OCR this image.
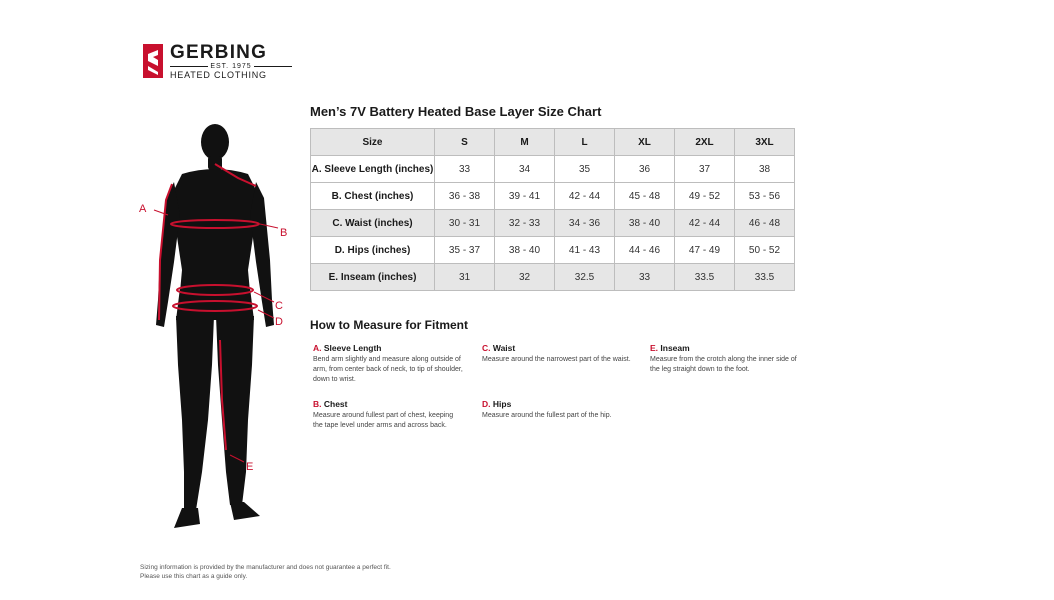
GERBING
EST. 1975
HEATED CLOTHING
A
B
C
D
E
Men’s 7V Battery Heated Base Layer Size Chart
Size	S	M	L	XL	2XL	3XL
A. Sleeve Length (inches)	33	34	35	36	37	38
B. Chest (inches)	36 - 38	39 - 41	42 - 44	45 - 48	49 - 52	53 - 56
C. Waist (inches)	30 - 31	32 - 33	34 - 36	38 - 40	42 - 44	46 - 48
D. Hips (inches)	35 - 37	38 - 40	41 - 43	44 - 46	47 - 49	50 - 52
E. Inseam (inches)	31	32	32.5	33	33.5	33.5
How to Measure for Fitment
A. Sleeve Length
Bend arm slightly and measure along outside of arm, from center back of neck, to tip of shoulder, down to wrist.
B. Chest
Measure around fullest part of chest, keeping the tape level under arms and across back.
C. Waist
Measure around the narrowest part of the waist.
D. Hips
Measure around the fullest part of the hip.
E. Inseam
Measure from the crotch along the inner side of the leg straight down to the foot.
Sizing information is provided by the manufacturer and does not guarantee a perfect fit.
Please use this chart as a guide only.
